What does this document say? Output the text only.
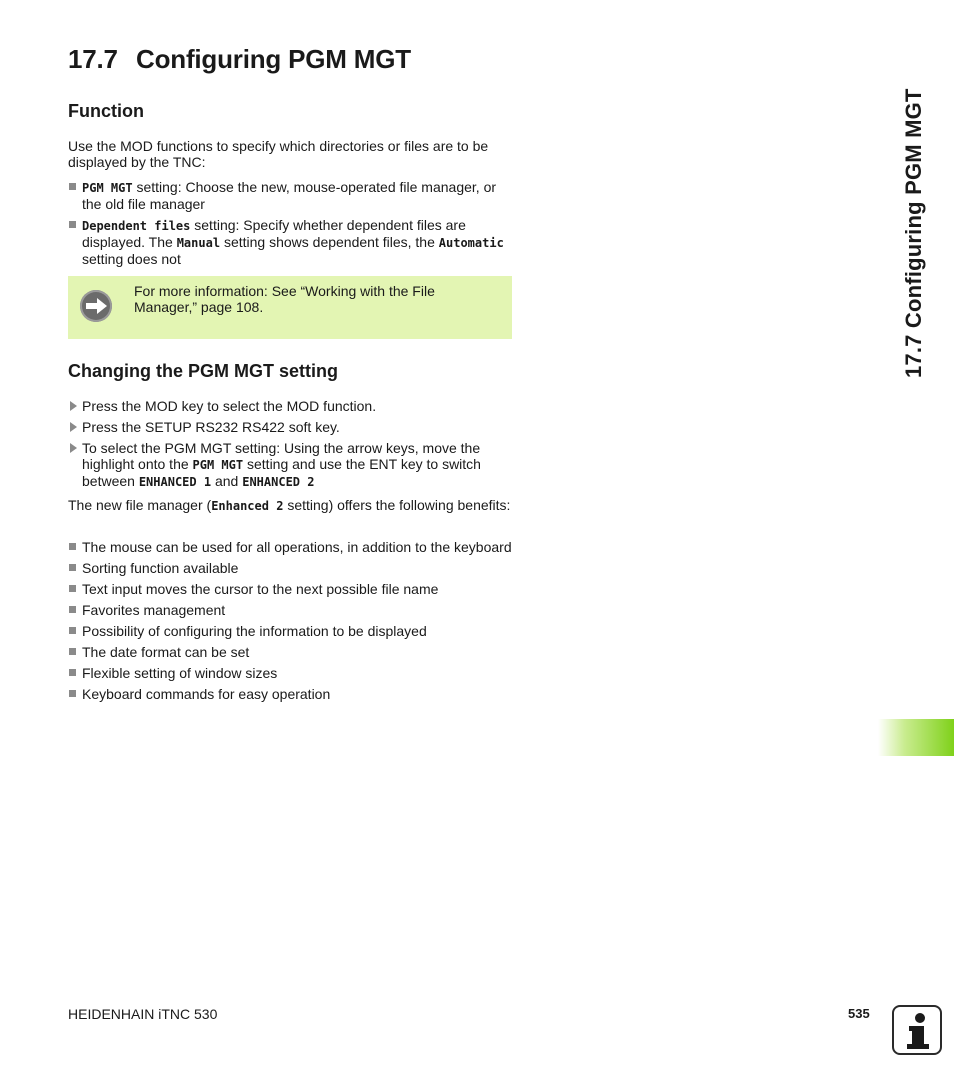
17.7 Configuring PGM MGT
Function

Use the MOD functions to specify which directories or files are to be displayed by the TNC:

PGM MGT setting: Choose the new, mouse-operated file manager, or the old file manager
Dependent files setting: Specify whether dependent files are displayed. The Manual setting shows dependent files, the Automatic setting does not
For more information: See “Working with the File Manager,” page 108.
Changing the PGM MGT setting
Press the MOD key to select the MOD function.
Press the SETUP RS232 RS422 soft key.
To select the PGM MGT setting: Using the arrow keys, move the highlight onto the PGM MGT setting and use the ENT key to switch between ENHANCED 1 and ENHANCED 2

The new file manager (Enhanced 2 setting) offers the following benefits:

The mouse can be used for all operations, in addition to the keyboard
Sorting function available
Text input moves the cursor to the next possible file name
Favorites management
Possibility of configuring the information to be displayed
The date format can be set
Flexible setting of window sizes
Keyboard commands for easy operation
17.7 Configuring PGM MGT
HEIDENHAIN iTNC 530	535
